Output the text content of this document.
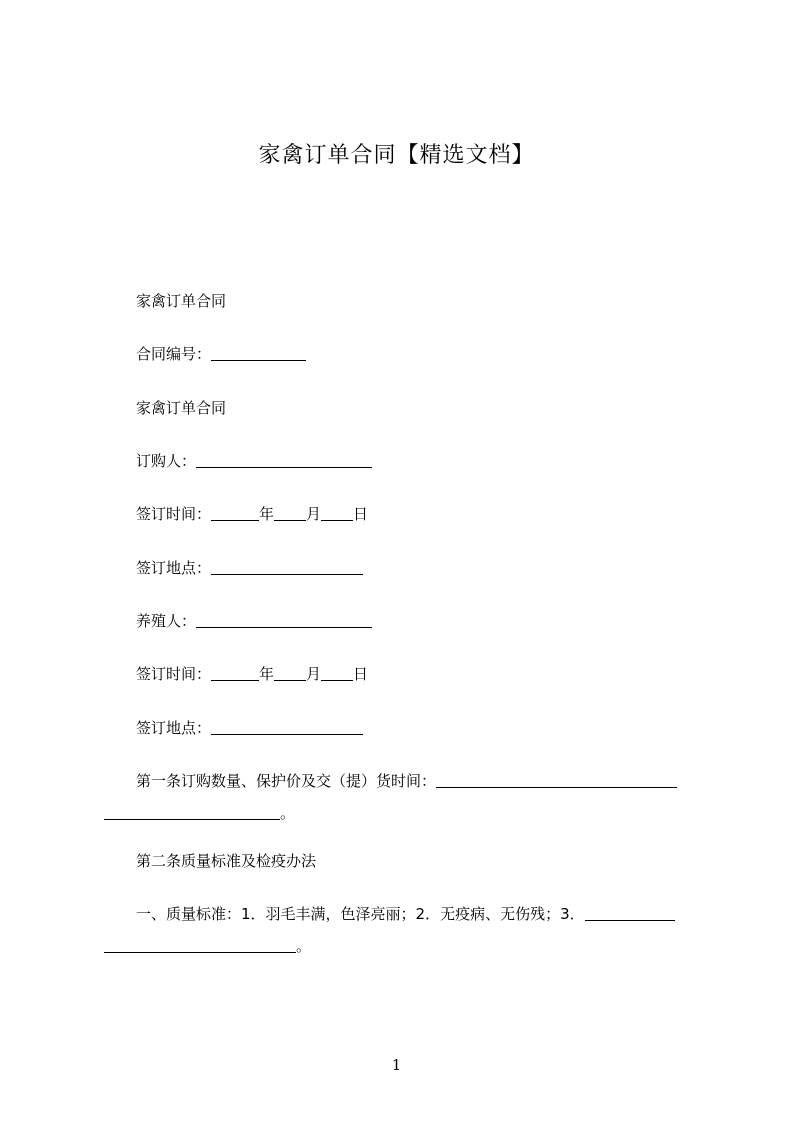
家禽订单合同【精选文档】
家禽订单合同
合同编号：
家禽订单合同
订购人：
签订时间：	年 月 日
签订地点：
养殖人：
签订时间：	年 月 日
签订地点：
第一条订购数量、保护价及交（提）货时间：
。
第二条质量标准及检疫办法
一、质量标准：1．羽毛丰满，色泽亮丽；2．无疫病、无伤残；3．
。
1
